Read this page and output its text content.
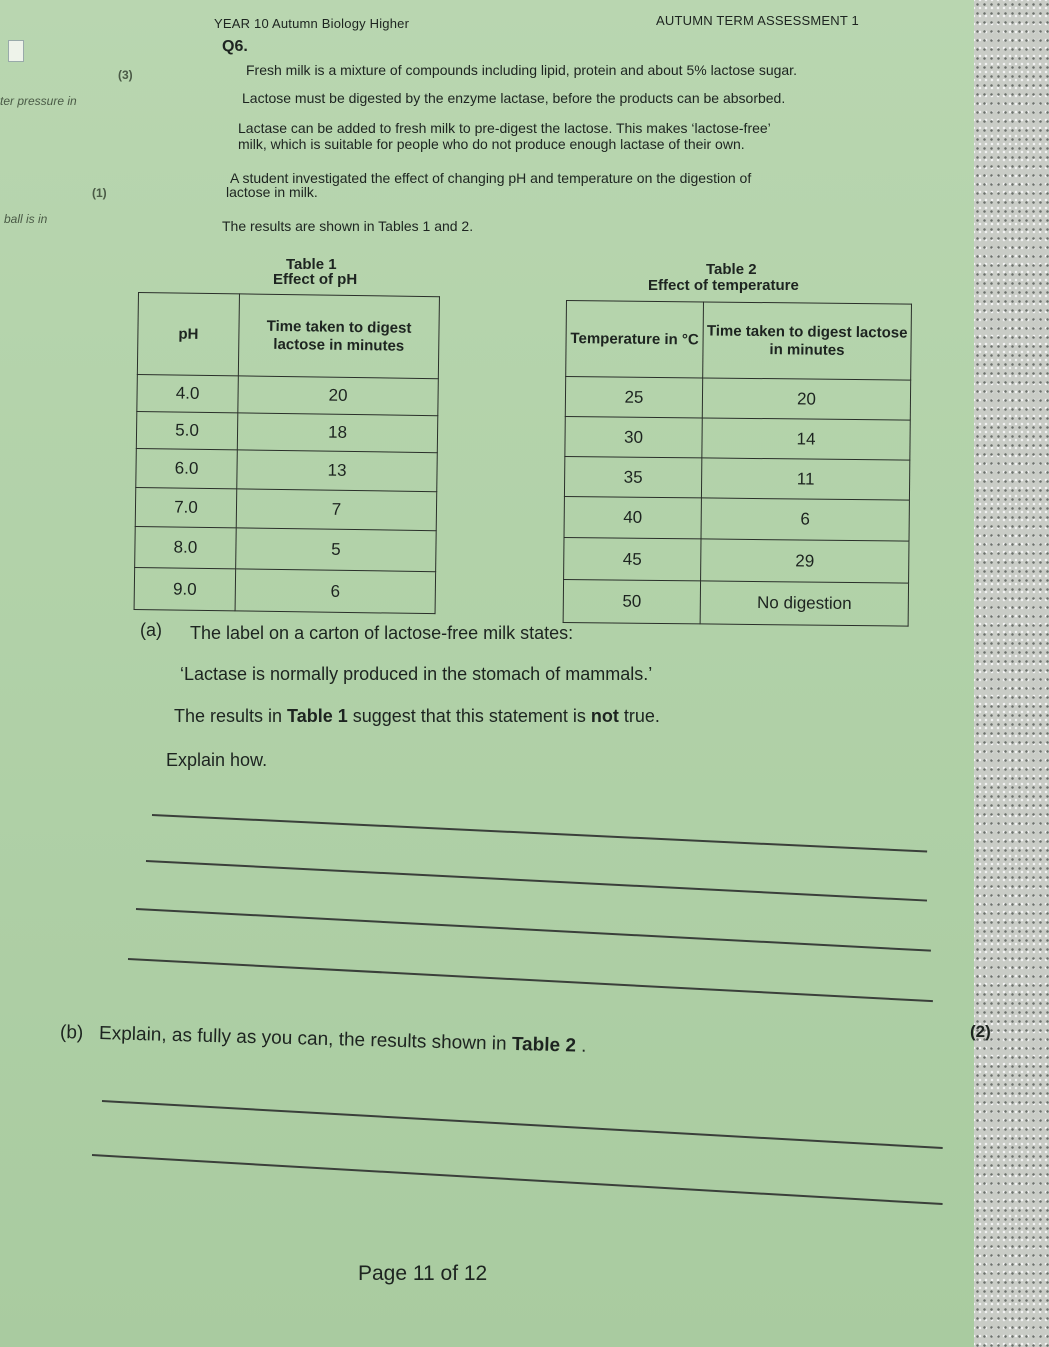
(3)
ter pressure in
(1)
ball is in
YEAR 10 Autumn Biology Higher	AUTUMN TERM ASSESSMENT 1
Q6.
Fresh milk is a mixture of compounds including lipid, protein and about 5% lactose sugar.
Lactose must be digested by the enzyme lactase, before the products can be absorbed.
Lactase can be added to fresh milk to pre-digest the lactose. This makes ‘lactose-free’
milk, which is suitable for people who do not produce enough lactase of their own.
A student investigated the effect of changing pH and temperature on the digestion of
lactose in milk.
The results are shown in Tables 1 and 2.
Table 1
Effect of pH
pH	Time taken to digest lactose in minutes
4.0	20
5.0	18
6.0	13
7.0	7
8.0	5
9.0	6
Table 2
Effect of temperature
Temperature in °C	Time taken to digest lactose in minutes
25	20
30	14
35	11
40	6
45	29
50	No digestion
(a) The label on a carton of lactose-free milk states:
‘Lactase is normally produced in the stomach of mammals.’
The results in Table 1 suggest that this statement is not true.
Explain how.
(2)
(b) Explain, as fully as you can, the results shown in Table 2 .
Page 11 of 12
